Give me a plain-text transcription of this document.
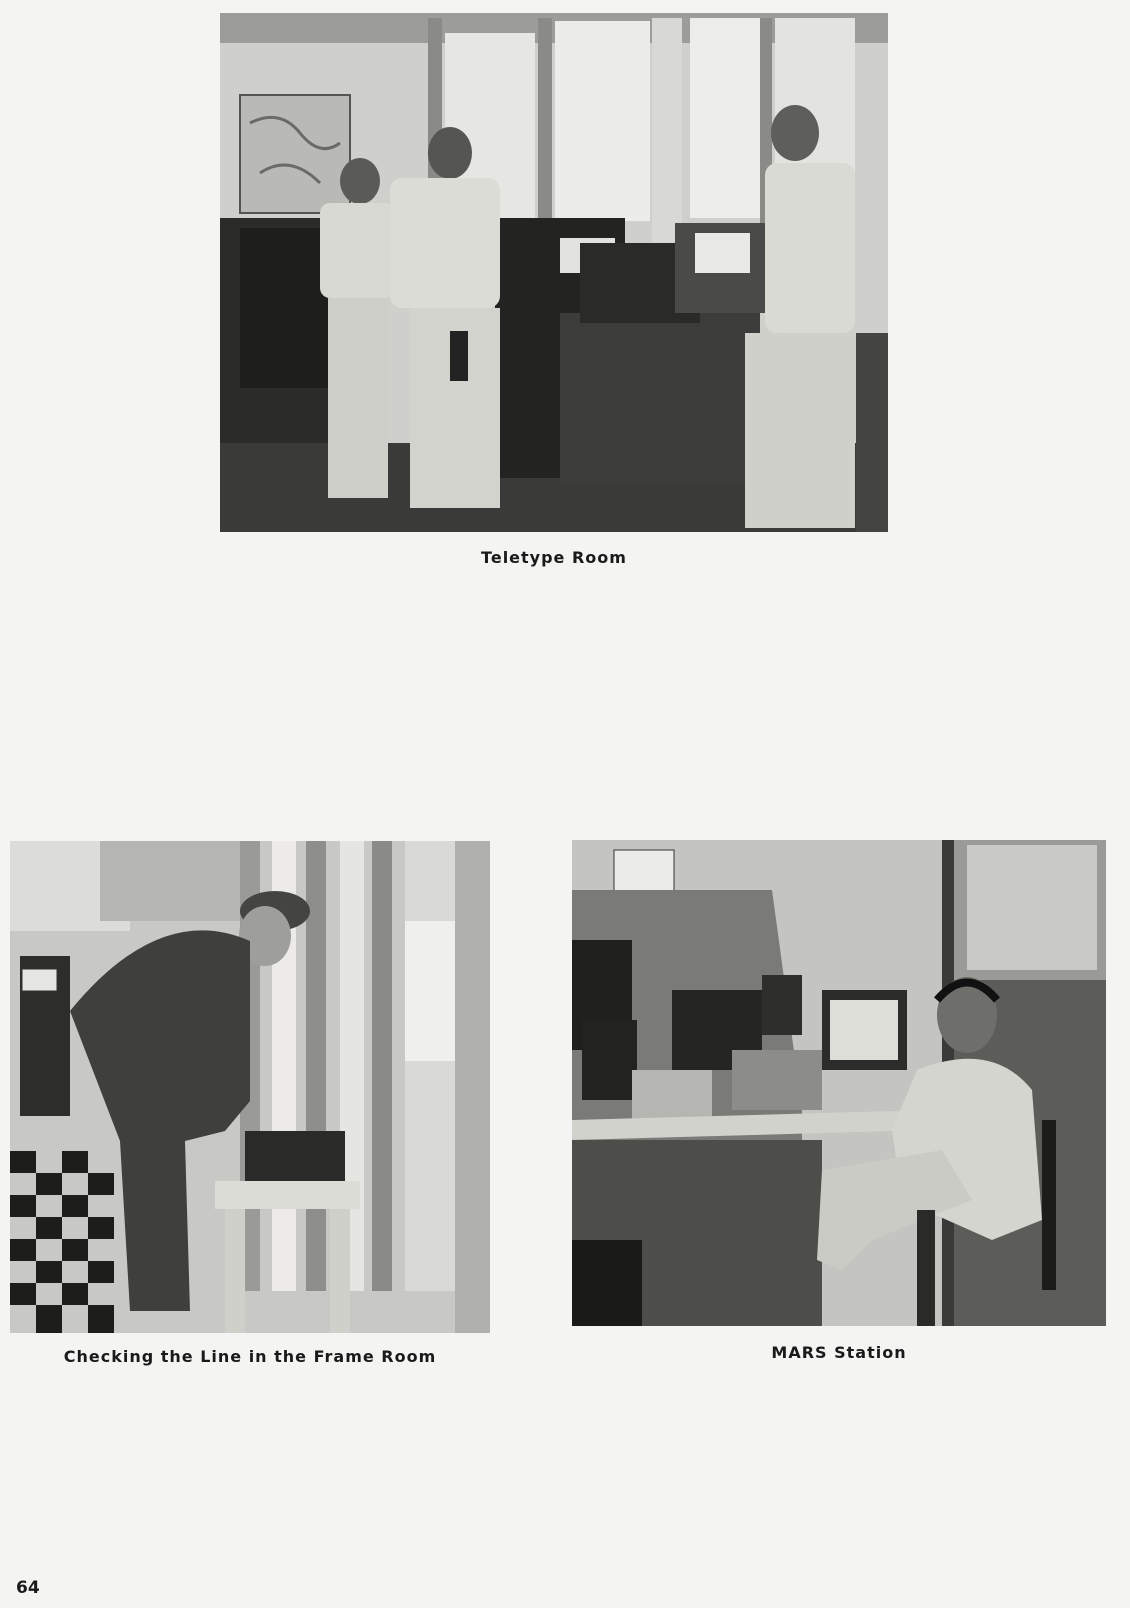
Teletype Room
Checking the Line in the Frame Room	MARS Station
64
